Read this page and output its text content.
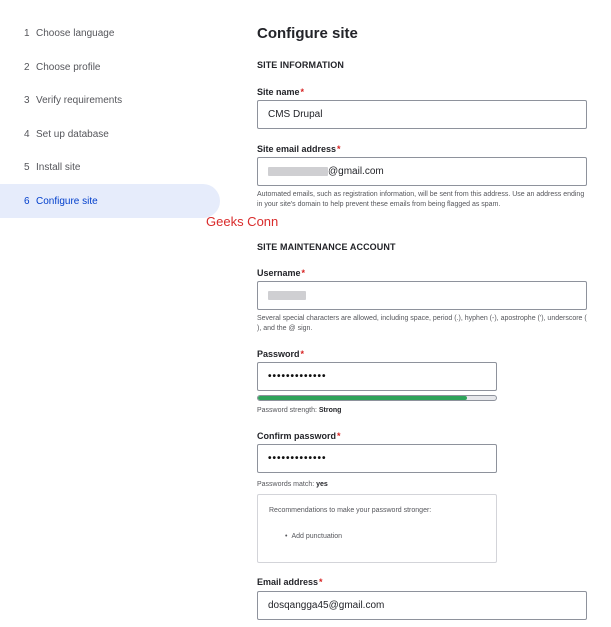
1 Choose language
2 Choose profile
3 Verify requirements
4 Set up database
5 Install site
6 Configure site
Geeks Conn
Configure site
SITE INFORMATION
Site name*
CMS Drupal
Site email address*
@gmail.com
Automated emails, such as registration information, will be sent from this address. Use an address ending in your site's domain to help prevent these emails from being flagged as spam.
SITE MAINTENANCE ACCOUNT
Username*
Several special characters are allowed, including space, period (.), hyphen (-), apostrophe ('), underscore ( ), and the @ sign.
Password*
•••••••••••••
Password strength: Strong
Confirm password*
•••••••••••••
Passwords match: yes
Recommendations to make your password stronger:
• Add punctuation
Email address*
dosqangga45@gmail.com
